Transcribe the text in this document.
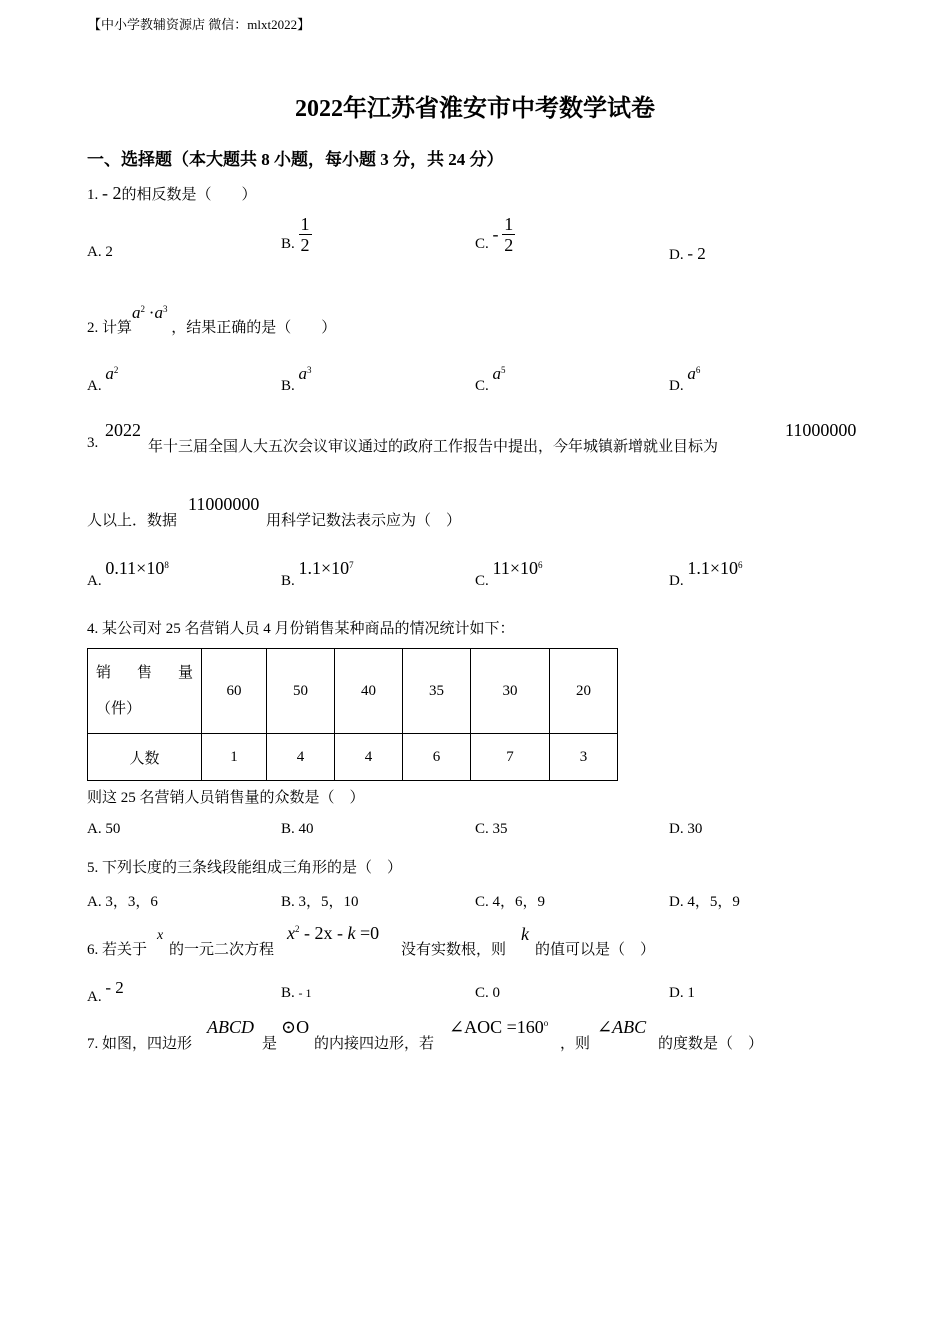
【中小学教辅资源店 微信：mlxt2022】
2022年江苏省淮安市中考数学试卷
一、选择题（本大题共 8 小题，每小题 3 分，共 24 分）
1. - 2的相反数是（　　）
A. 2
B. $\frac{1}{2}$	C. - $\frac{1}{2}$	D. - 2
2. 计算$a^2 \cdot a^3$ ，结果正确的是（　　）
A. $a^2$
B. $a^3$
C. $a^5$
D. $a^6$
3.
2022
年十三届全国人大五次会议审议通过的政府工作报告中提出，今年城镇新增就业目标为
11000000
人以上．数据
11000000
用科学记数法表示应为（　）
A. $0.11\times 10^8$
B. $1.1\times 10^7$
C. $11\times 10^6$
D. $1.1\times 10^6$
4. 某公司对 25 名营销人员 4 月份销售某种商品的情况统计如下：
销 售 量
（件）	60	50	40	35	30	20
人数	1	4	4	6	7	3
则这 25 名营销人员销售量的众数是（　）
A. 50	B. 40	C. 35	D. 30
5. 下列长度的三条线段能组成三角形的是（　）
A. 3，3，6	B. 3，5，10	C. 4，6，9	D. 4，5，9
6. 若关于
x
的一元二次方程
$x^2 - 2x - k =0$
没有实数根，则
k
的值可以是（　）
A. - 2	B. - 1	C. 0	D. 1
7. 如图，四边形
ABCD
是
⊙O
的内接四边形，若
∠AOC $=160^o$
，则
∠ABC
的度数是（　）
